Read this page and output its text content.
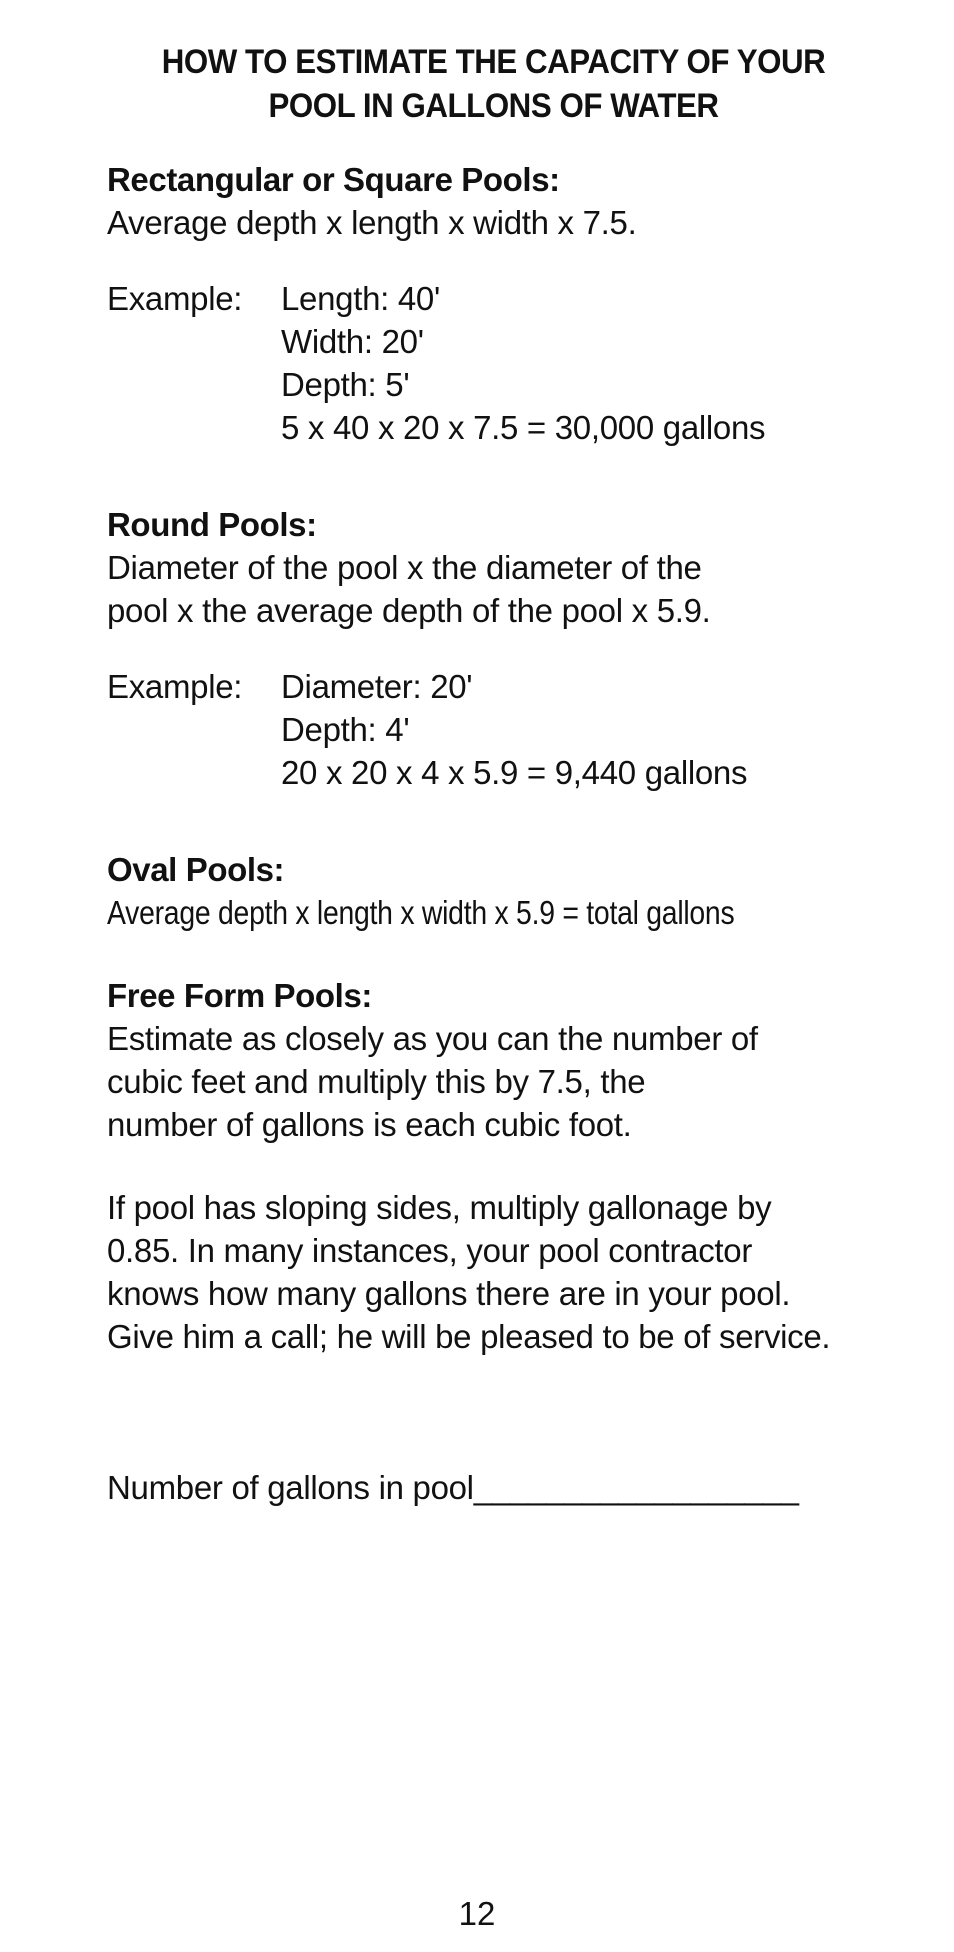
HOW TO ESTIMATE THE CAPACITY OF YOUR
POOL IN GALLONS OF WATER

Rectangular or Square Pools:

Average depth x length x width x 7.5.

Example:	Length: 40'
Width: 20'
Depth: 5'
5 x 40 x 20 x 7.5 = 30,000 gallons

Round Pools:

Diameter of the pool x the diameter of the

pool x the average depth of the pool x 5.9.

Example:	Diameter: 20'
Depth: 4'
20 x 20 x 4 x 5.9 = 9,440 gallons

Oval Pools:

Average depth x length x width x 5.9 = total gallons

Free Form Pools:

Estimate as closely as you can the number of

cubic feet and multiply this by 7.5, the

number of gallons is each cubic foot.

If pool has sloping sides, multiply gallonage by

0.85. In many instances, your pool contractor

knows how many gallons there are in your pool.

Give him a call; he will be pleased to be of service.

Number of gallons in pool__________________
12
